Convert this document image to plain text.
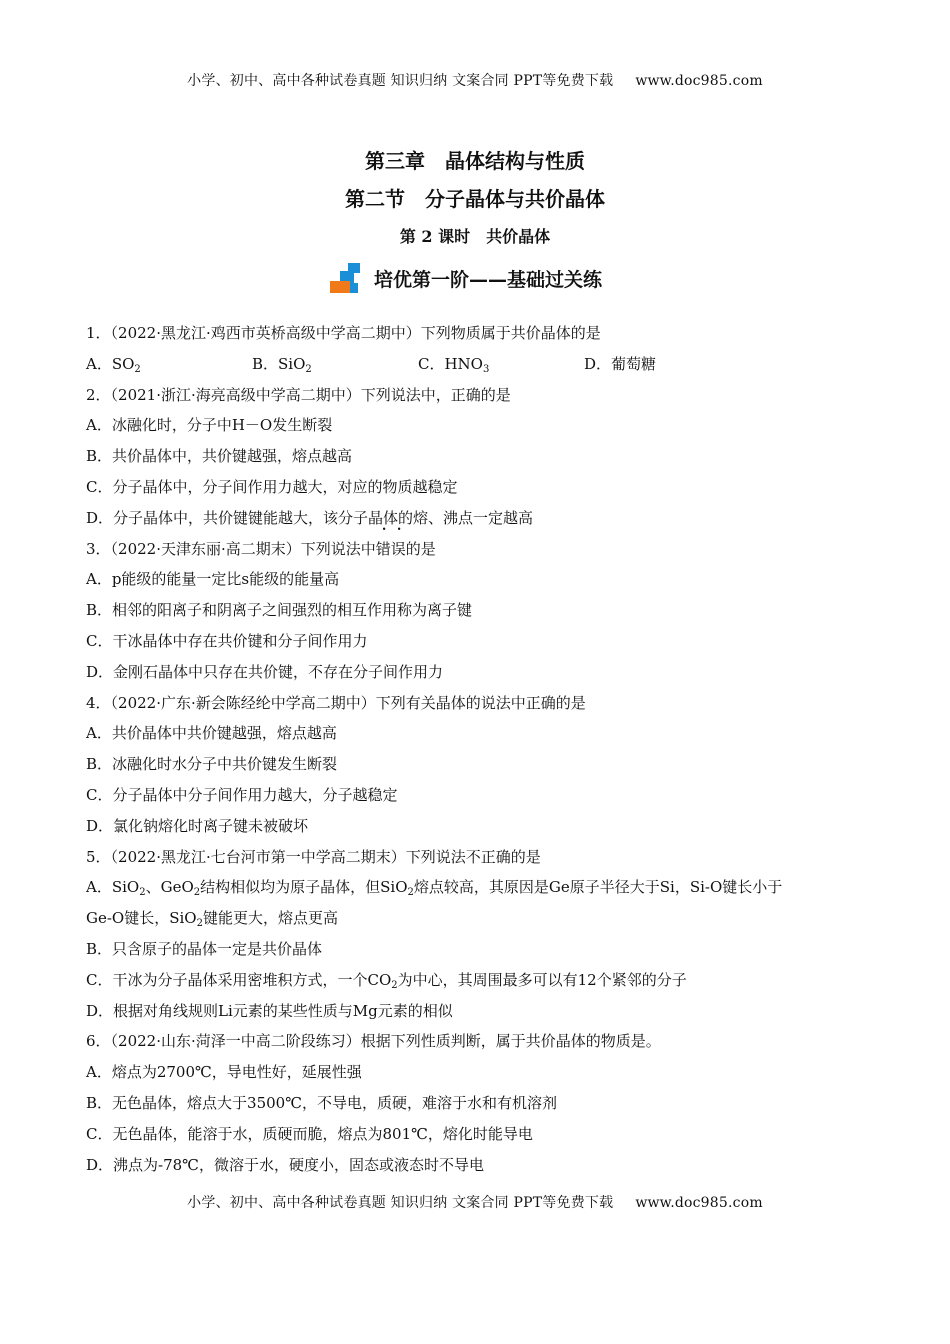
小学、初中、高中各种试卷真题 知识归纳 文案合同 PPT等免费下载 www.doc985.com
第三章　晶体结构与性质
第二节　分子晶体与共价晶体
第 2 课时　共价晶体
培优第一阶——基础过关练
1．（2022·黑龙江·鸡西市英桥高级中学高二期中）下列物质属于共价晶体的是
A．$SO_2$	B．SiO$_2$	C．$HNO_3$	D．葡萄糖
2．（2021·浙江·海亮高级中学高二期中）下列说法中，正确的是
A．冰融化时，分子中H－O发生断裂
B．共价晶体中，共价键越强，熔点越高
C．分子晶体中，分子间作用力越大，对应的物质越稳定
D．分子晶体中，共价键键能越大，该分子晶体的熔、沸点一定越高
3．（2022·天津东丽·高二期末）下列说法中错误的是
A．p能级的能量一定比s能级的能量高
B．相邻的阳离子和阴离子之间强烈的相互作用称为离子键
C．干冰晶体中存在共价键和分子间作用力
D．金刚石晶体中只存在共价键，不存在分子间作用力
4．（2022·广东·新会陈经纶中学高二期中）下列有关晶体的说法中正确的是
A．共价晶体中共价键越强，熔点越高
B．冰融化时水分子中共价键发生断裂
C．分子晶体中分子间作用力越大，分子越稳定
D．氯化钠熔化时离子键未被破坏
5．（2022·黑龙江·七台河市第一中学高二期末）下列说法不正确的是
A．SiO$_2$、GeO$_2$结构相似均为原子晶体，但SiO$_2$熔点较高，其原因是Ge原子半径大于Si，Si-O键长小于
Ge-O键长，SiO$_2$键能更大，熔点更高
B．只含原子的晶体一定是共价晶体
C．干冰为分子晶体采用密堆积方式，一个$CO_2$为中心，其周围最多可以有12个紧邻的分子
D．根据对角线规则Li元素的某些性质与Mg元素的相似
6．（2022·山东·菏泽一中高二阶段练习）根据下列性质判断，属于共价晶体的物质是。
A．熔点为2700℃，导电性好，延展性强
B．无色晶体，熔点大于3500℃，不导电，质硬，难溶于水和有机溶剂
C．无色晶体，能溶于水，质硬而脆，熔点为801℃，熔化时能导电
D．沸点为-78℃，微溶于水，硬度小，固态或液态时不导电
小学、初中、高中各种试卷真题 知识归纳 文案合同 PPT等免费下载 www.doc985.com
